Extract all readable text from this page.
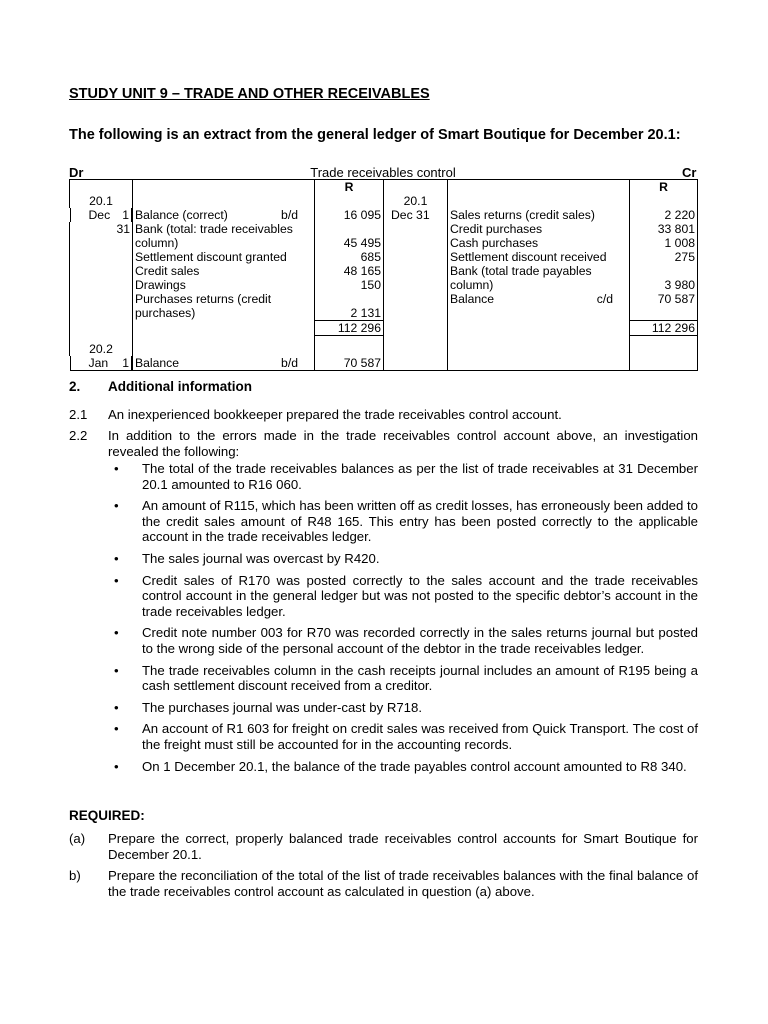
STUDY UNIT 9 – TRADE AND OTHER RECEIVABLES
The following is an extract from the general ledger of Smart Boutique for December 20.1:
Trade receivables control
Dr	Cr
		R			R
20.1			20.1		

Dec 1 Balance (correct) b/d	16 095	Dec 31	Sales returns (credit sales)	2 220
31	Bank (total: trade receivables			Credit purchases	33 801
	column)	45 495		Cash purchases	1 008
	Settlement discount granted	685		Settlement discount received	275
	Credit sales	48 165		Bank (total trade payables	
	Drawings	150		column)	3 980
	Purchases returns (credit			Balance c/d	70 587
	purchases)	2 131			
		112 296			112 296

20.2					

Jan 1 Balance b/d	70 587			
2. Additional information
2.1 An inexperienced bookkeeper prepared the trade receivables control account.
2.2 In addition to the errors made in the trade receivables control account above, an investigation revealed the following:
• The total of the trade receivables balances as per the list of trade receivables at 31 December 20.1 amounted to R16 060.
• An amount of R115, which has been written off as credit losses, has erroneously been added to the credit sales amount of R48 165. This entry has been posted correctly to the applicable account in the trade receivables ledger.
• The sales journal was overcast by R420.
• Credit sales of R170 was posted correctly to the sales account and the trade receivables control account in the general ledger but was not posted to the specific debtor’s account in the trade receivables ledger.
• Credit note number 003 for R70 was recorded correctly in the sales returns journal but posted to the wrong side of the personal account of the debtor in the trade receivables ledger.
• The trade receivables column in the cash receipts journal includes an amount of R195 being a cash settlement discount received from a creditor.
• The purchases journal was under-cast by R718.
• An account of R1 603 for freight on credit sales was received from Quick Transport. The cost of the freight must still be accounted for in the accounting records.
• On 1 December 20.1, the balance of the trade payables control account amounted to R8 340.
REQUIRED:
(a) Prepare the correct, properly balanced trade receivables control accounts for Smart Boutique for December 20.1.
b) Prepare the reconciliation of the total of the list of trade receivables balances with the final balance of the trade receivables control account as calculated in question (a) above.
